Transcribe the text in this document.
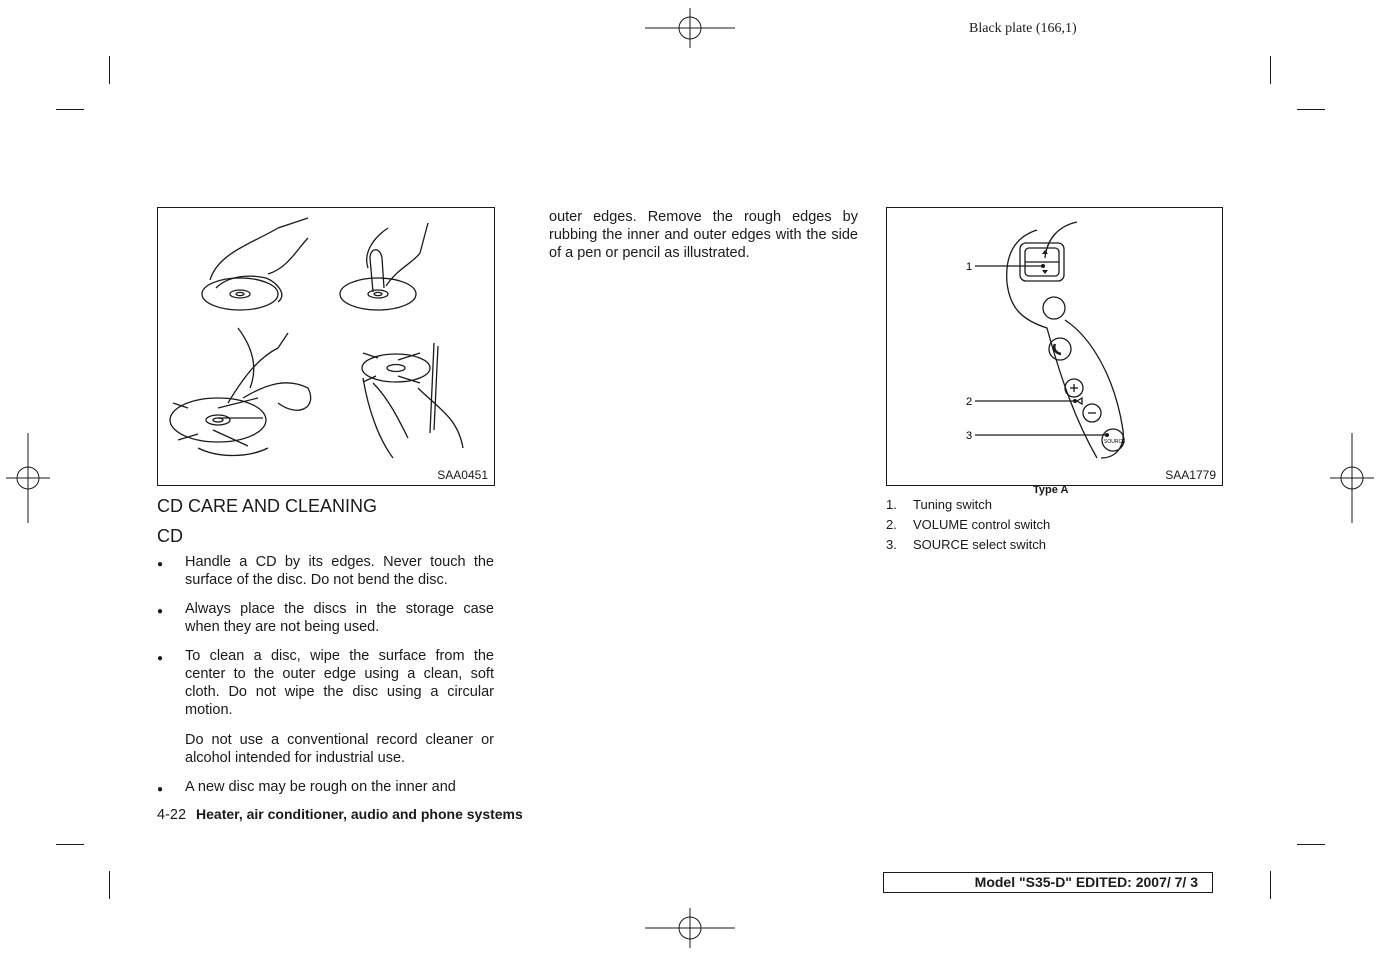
Black plate (166,1)
SAA0451
CD CARE AND CLEANING
CD
● Handle a CD by its edges. Never touch the surface of the disc. Do not bend the disc.
● Always place the discs in the storage case when they are not being used.
● To clean a disc, wipe the surface from the center to the outer edge using a clean, soft cloth. Do not wipe the disc using a circular motion.
Do not use a conventional record cleaner or alcohol intended for industrial use.
● A new disc may be rough on the inner and
outer edges. Remove the rough edges by rubbing the inner and outer edges with the side of a pen or pencil as illustrated.
1
2
3	SOURCE
SAA1779
Type A
1. Tuning switch
2. VOLUME control switch
3. SOURCE select switch
4-22 Heater, air conditioner, audio and phone systems
Model "S35-D" EDITED: 2007/ 7/ 3
